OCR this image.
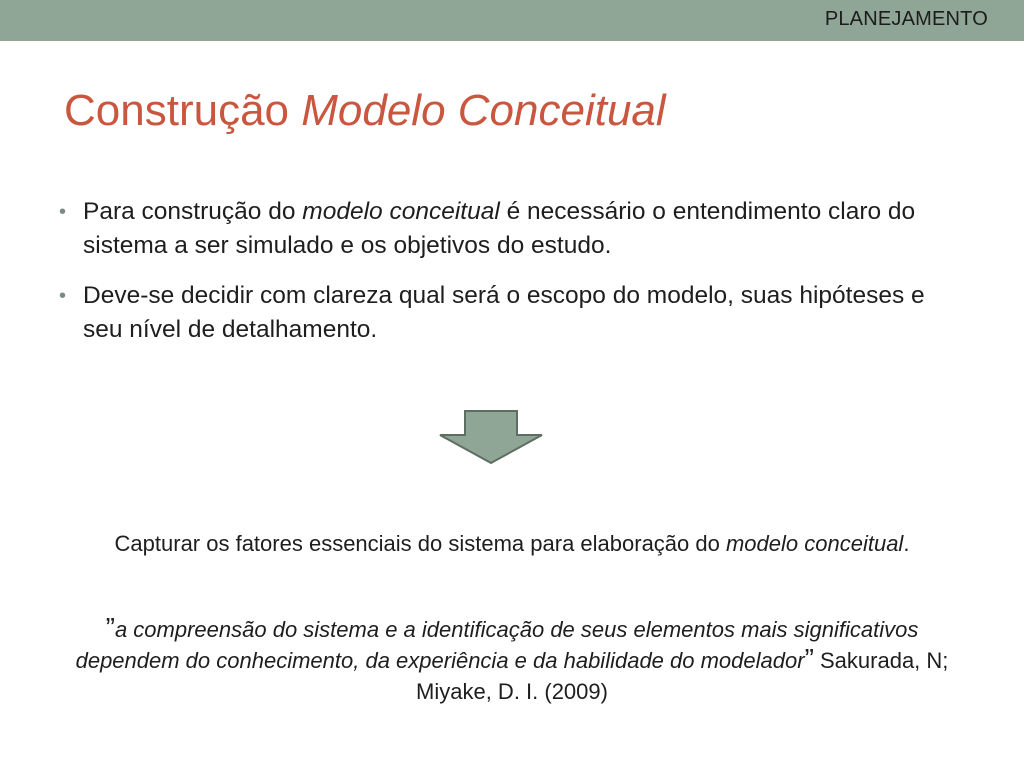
PLANEJAMENTO
Construção Modelo Conceitual
• Para construção do modelo conceitual é necessário o entendimento claro do sistema a ser simulado e os objetivos do estudo.
• Deve-se decidir com clareza qual será o escopo do modelo, suas hipóteses e seu nível de detalhamento.

Capturar os fatores essenciais do sistema para elaboração do modelo conceitual.

”a compreensão do sistema e a identificação de seus elementos mais significativos dependem do conhecimento, da experiência e da habilidade do modelador” Sakurada, N; Miyake, D. I. (2009)
